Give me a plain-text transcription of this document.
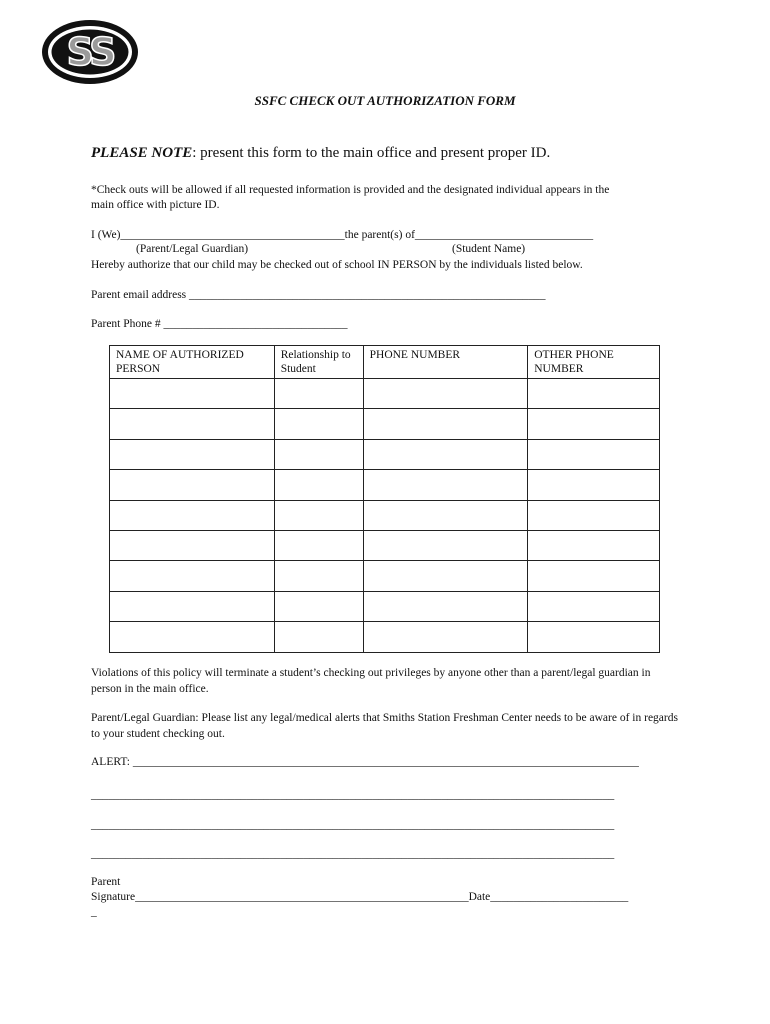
SS
SSFC CHECK OUT AUTHORIZATION FORM
PLEASE NOTE: present this form to the main office and present proper ID.
*Check outs will be allowed if all requested information is provided and the designated individual appears in the
main office with picture ID.
I (We)_______________________________________the parent(s) of_______________________________
(Parent/Legal Guardian)	(Student Name)
Hereby authorize that our child may be checked out of school IN PERSON by the individuals listed below.
Parent email address ______________________________________________________________
Parent Phone # ________________________________
NAME OF AUTHORIZED PERSON	Relationship to Student	PHONE NUMBER	OTHER PHONE NUMBER

Violations of this policy will terminate a student’s checking out privileges by anyone other than a parent/legal guardian in person in the main office.
Parent/Legal Guardian: Please list any legal/medical alerts that Smiths Station Freshman Center needs to be aware of in regards to your student checking out.
ALERT: ________________________________________________________________________________________
___________________________________________________________________________________________
___________________________________________________________________________________________
___________________________________________________________________________________________
Parent
Signature__________________________________________________________Date________________________
_
